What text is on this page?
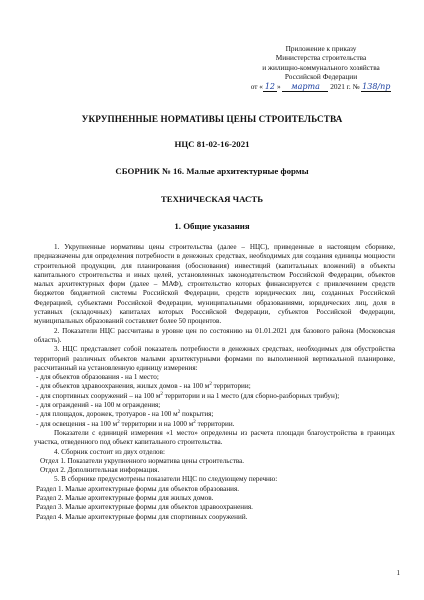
Приложение к приказу
Министерства строительства
и жилищно-коммунального хозяйства
Российской Федерации
от « 12 » марта 2021 г. № 138/пр
УКРУПНЕННЫЕ НОРМАТИВЫ ЦЕНЫ СТРОИТЕЛЬСТВА
НЦС 81-02-16-2021
СБОРНИК № 16. Малые архитектурные формы
ТЕХНИЧЕСКАЯ ЧАСТЬ
1. Общие указания

1. Укрупненные нормативы цены строительства (далее – НЦС), приведенные в настоящем сборнике, предназначены для определения потребности в денежных средствах, необходимых для создания единицы мощности строительной продукции, для планирования (обоснования) инвестиций (капитальных вложений) в объекты капитального строительства и иных целей, установленных законодательством Российской Федерации, объектов малых архитектурных форм (далее – МАФ), строительство которых финансируется с привлечением средств бюджетов бюджетной системы Российской Федерации, средств юридических лиц, созданных Российской Федерацией, субъектами Российской Федерации, муниципальными образованиями, юридических лиц, доля в уставных (складочных) капиталах которых Российской Федерации, субъектов Российской Федерации, муниципальных образований составляет более 50 процентов.

2. Показатели НЦС рассчитаны в уровне цен по состоянию на 01.01.2021 для базового района (Московская область).

3. НЦС представляет собой показатель потребности в денежных средствах, необходимых для обустройства территорий различных объектов малыми архитектурными формами по выполненной вертикальной планировке, рассчитанный на установленную единицу измерения:

- для объектов образования - на 1 место;

- для объектов здравоохранения, жилых домов - на 100 $м^2$ территории;

- для спортивных сооружений – на 100 $м^2$ территории и на 1 место (для сборно-разборных трибун);

- для ограждений - на 100 м ограждения;

- для площадок, дорожек, тротуаров - на 100 $м^2$ покрытия;

- для освещения - на 100 $м^2$ территории и на 1000 $м^2$ территории.

Показатели с единицей измерения «1 место» определены из расчета площади благоустройства в границах участка, отведенного под объект капитального строительства.

4. Сборник состоит из двух отделов:

Отдел 1. Показатели укрупненного норматива цены строительства.

Отдел 2. Дополнительная информация.

5. В сборнике предусмотрены показатели НЦС по следующему перечню:

Раздел 1. Малые архитектурные формы для объектов образования.

Раздел 2. Малые архитектурные формы для жилых домов.

Раздел 3. Малые архитектурные формы для объектов здравоохранения.

Раздел 4. Малые архитектурные формы для спортивных сооружений.

1
